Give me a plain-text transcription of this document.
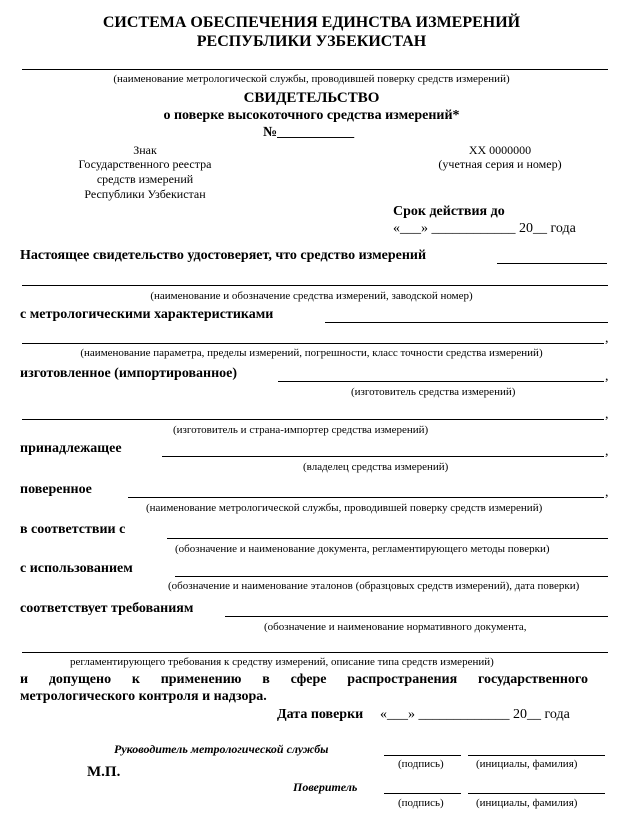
СИСТЕМА ОБЕСПЕЧЕНИЯ ЕДИНСТВА ИЗМЕРЕНИЙ
РЕСПУБЛИКИ УЗБЕКИСТАН
(наименование метрологической службы, проводившей поверку средств измерений)
СВИДЕТЕЛЬСТВО
о поверке высокоточного средства измерений*
№___________
Знак
Государственного реестра
средств измерений
Республики Узбекистан
XX 0000000
(учетная серия и номер)
Срок действия до
«___» ____________ 20__ года
Настоящее свидетельство удостоверяет, что средство измерений
(наименование и обозначение средства измерений, заводской номер)
с метрологическими характеристиками
,
(наименование параметра, пределы измерений, погрешности, класс точности средства измерений)
изготовленное (импортированное)	,
(изготовитель средства измерений)
,
(изготовитель и страна-импортер средства измерений)
принадлежащее	,
(владелец средства измерений)
поверенное	,
(наименование метрологической службы, проводившей поверку средств измерений)
в соответствии с
(обозначение и наименование документа, регламентирующего методы поверки)
с использованием
(обозначение и наименование эталонов (образцовых средств измерений), дата поверки)
соответствует требованиям
(обозначение и наименование нормативного документа,
регламентирующего требования к средству измерений, описание типа средств измерений)
и допущено к применению в сфере распространения государственного
метрологического контроля и надзора.
Дата поверки «___» _____________ 20__ года
Руководитель метрологической службы
(подпись)	(инициалы, фамилия)
М.П.
Поверитель
(подпись)	(инициалы, фамилия)
